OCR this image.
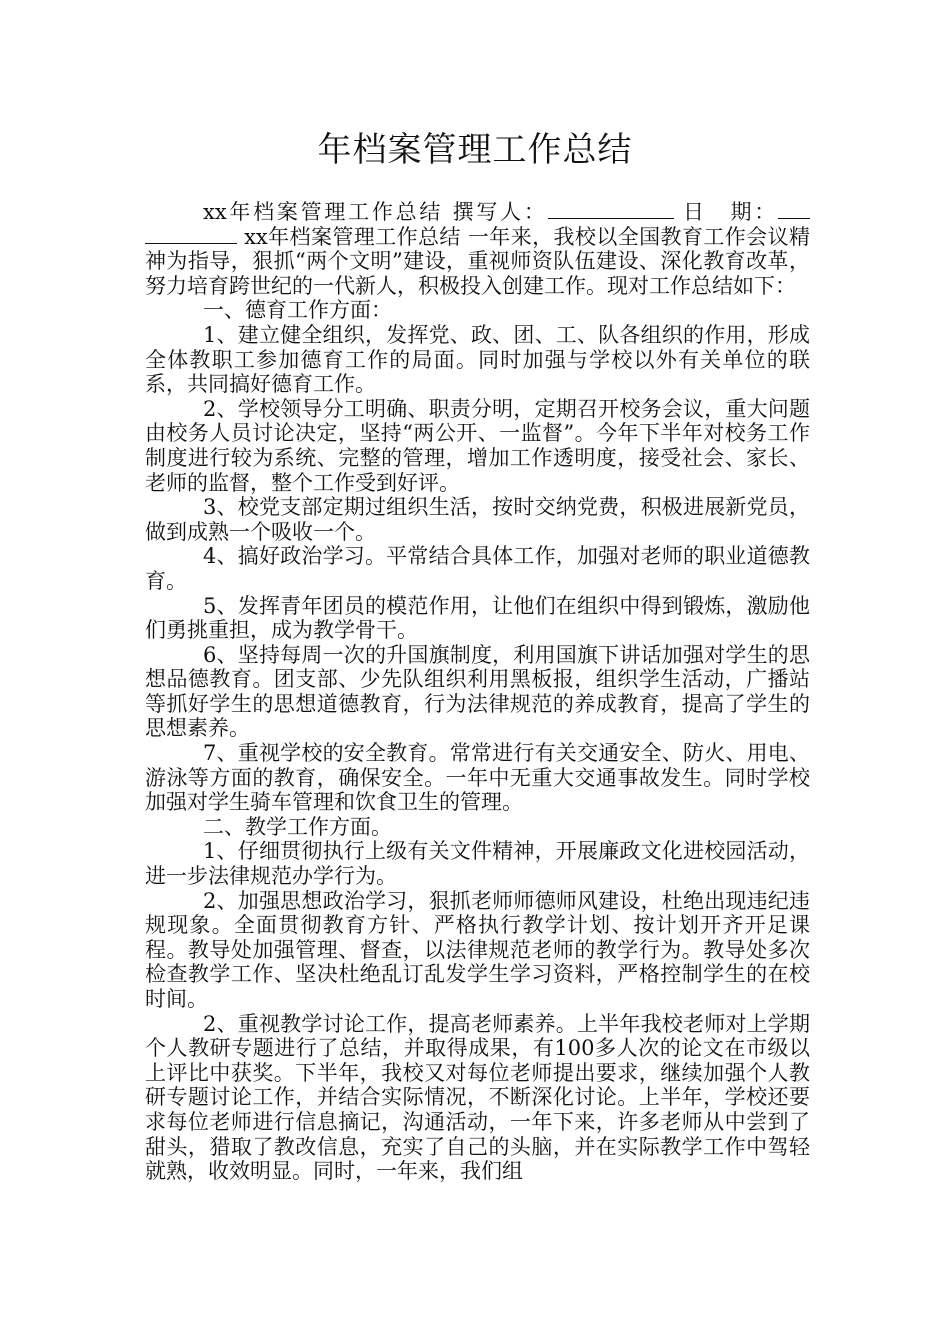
年档案管理工作总结

xx年档案管理工作总结 撰写人：	日　期： xx年档案管理工作总结 一年来，我校以全国教育工作会议精神为指导，狠抓“两个文明”建设，重视师资队伍建设、深化教育改革，努力培育跨世纪的一代新人，积极投入创建工作。现对工作总结如下：

一、德育工作方面：

1、建立健全组织，发挥党、政、团、工、队各组织的作用，形成全体教职工参加德育工作的局面。同时加强与学校以外有关单位的联系，共同搞好德育工作。

2、学校领导分工明确、职责分明，定期召开校务会议，重大问题由校务人员讨论决定，坚持“两公开、一监督”。今年下半年对校务工作制度进行较为系统、完整的管理，增加工作透明度，接受社会、家长、老师的监督，整个工作受到好评。

3、校党支部定期过组织生活，按时交纳党费，积极进展新党员，做到成熟一个吸收一个。

4、搞好政治学习。平常结合具体工作，加强对老师的职业道德教育。

5、发挥青年团员的模范作用，让他们在组织中得到锻炼，激励他们勇挑重担，成为教学骨干。

6、坚持每周一次的升国旗制度，利用国旗下讲话加强对学生的思想品德教育。团支部、少先队组织利用黑板报，组织学生活动，广播站等抓好学生的思想道德教育，行为法律规范的养成教育，提高了学生的思想素养。

7、重视学校的安全教育。常常进行有关交通安全、防火、用电、游泳等方面的教育，确保安全。一年中无重大交通事故发生。同时学校加强对学生骑车管理和饮食卫生的管理。

二、教学工作方面。

1、仔细贯彻执行上级有关文件精神，开展廉政文化进校园活动，进一步法律规范办学行为。

2、加强思想政治学习，狠抓老师师德师风建设，杜绝出现违纪违规现象。全面贯彻教育方针、严格执行教学计划、按计划开齐开足课程。教导处加强管理、督查，以法律规范老师的教学行为。教导处多次检查教学工作、坚决杜绝乱订乱发学生学习资料，严格控制学生的在校时间。

2、重视教学讨论工作，提高老师素养。上半年我校老师对上学期个人教研专题进行了总结，并取得成果，有100多人次的论文在市级以上评比中获奖。下半年，我校又对每位老师提出要求，继续加强个人教研专题讨论工作，并结合实际情况，不断深化讨论。上半年，学校还要求每位老师进行信息摘记，沟通活动，一年下来，许多老师从中尝到了甜头，猎取了教改信息，充实了自己的头脑，并在实际教学工作中驾轻就熟，收效明显。同时，一年来，我们组
